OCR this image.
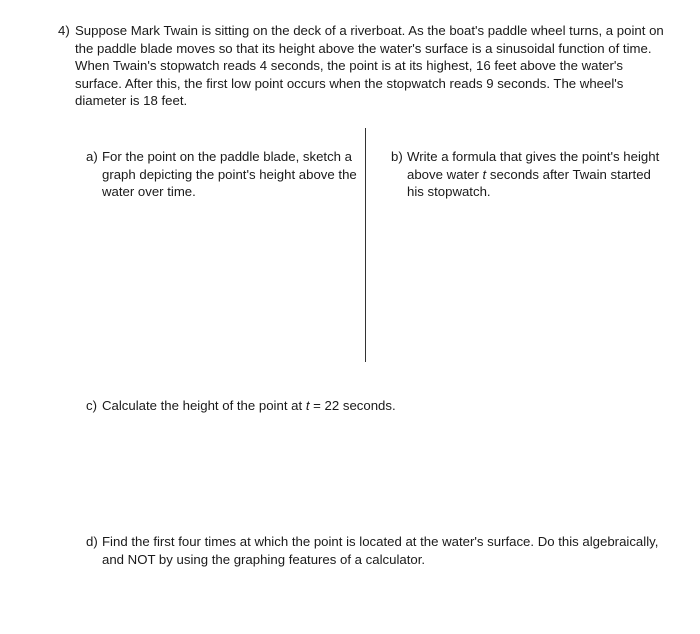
4) Suppose Mark Twain is sitting on the deck of a riverboat. As the boat's paddle wheel turns, a point on the paddle blade moves so that its height above the water's surface is a sinusoidal function of time. When Twain's stopwatch reads 4 seconds, the point is at its highest, 16 feet above the water's surface. After this, the first low point occurs when the stopwatch reads 9 seconds. The wheel's diameter is 18 feet.
a) For the point on the paddle blade, sketch a graph depicting the point's height above the water over time.
b) Write a formula that gives the point's height above water t seconds after Twain started his stopwatch.
c) Calculate the height of the point at t = 22 seconds.
d) Find the first four times at which the point is located at the water's surface. Do this algebraically, and NOT by using the graphing features of a calculator.
